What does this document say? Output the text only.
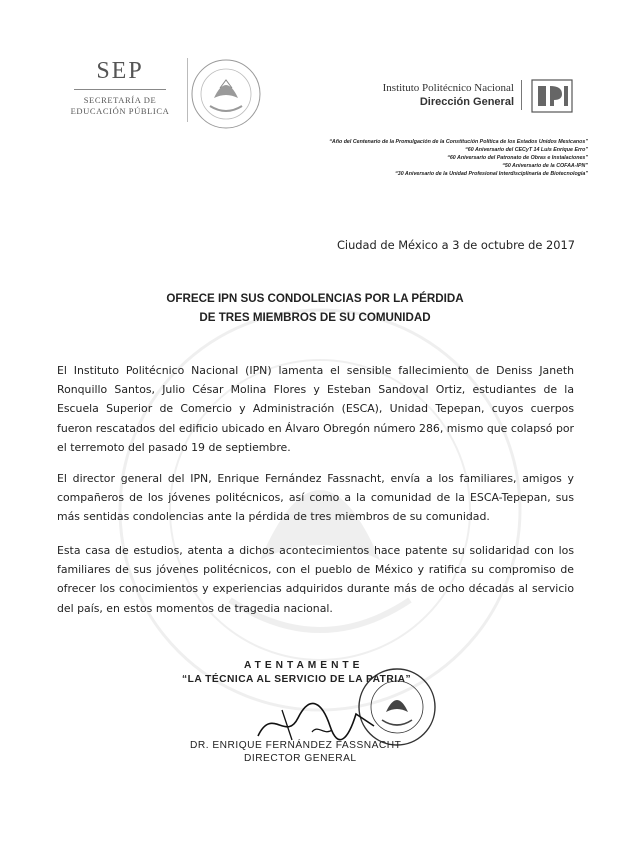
SEP
SECRETARÍA DE
EDUCACIÓN PÚBLICA
Instituto Politécnico Nacional
Dirección General
“Año del Centenario de la Promulgación de la Constitución Política de los Estados Unidos Mexicanos”
“60 Aniversario del CECyT 14 Luis Enrique Erro”
“60 Aniversario del Patronato de Obras e Instalaciones”
“50 Aniversario de la COFAA-IPN”
“30 Aniversario de la Unidad Profesional Interdisciplinaria de Biotecnología”
Ciudad de México a 3 de octubre de 2017
OFRECE IPN SUS CONDOLENCIAS POR LA PÉRDIDA
DE TRES MIEMBROS DE SU COMUNIDAD
El Instituto Politécnico Nacional (IPN) lamenta el sensible fallecimiento de Deniss Janeth Ronquillo Santos, Julio César Molina Flores y Esteban Sandoval Ortiz, estudiantes de la Escuela Superior de Comercio y Administración (ESCA), Unidad Tepepan, cuyos cuerpos fueron rescatados del edificio ubicado en Álvaro Obregón número 286, mismo que colapsó por el terremoto del pasado 19 de septiembre.
El director general del IPN, Enrique Fernández Fassnacht, envía a los familiares, amigos y compañeros de los jóvenes politécnicos, así como a la comunidad de la ESCA-Tepepan, sus más sentidas condolencias ante la pérdida de tres miembros de su comunidad.
Esta casa de estudios, atenta a dichos acontecimientos hace patente su solidaridad con los familiares de sus jóvenes politécnicos, con el pueblo de México y ratifica su compromiso de ofrecer los conocimientos y experiencias adquiridos durante más de ocho décadas al servicio del país, en estos momentos de tragedia nacional.
ATENTAMENTE
“LA TÉCNICA AL SERVICIO DE LA PATRIA”
DR. ENRIQUE FERNÁNDEZ FASSNACHT
DIRECTOR GENERAL
